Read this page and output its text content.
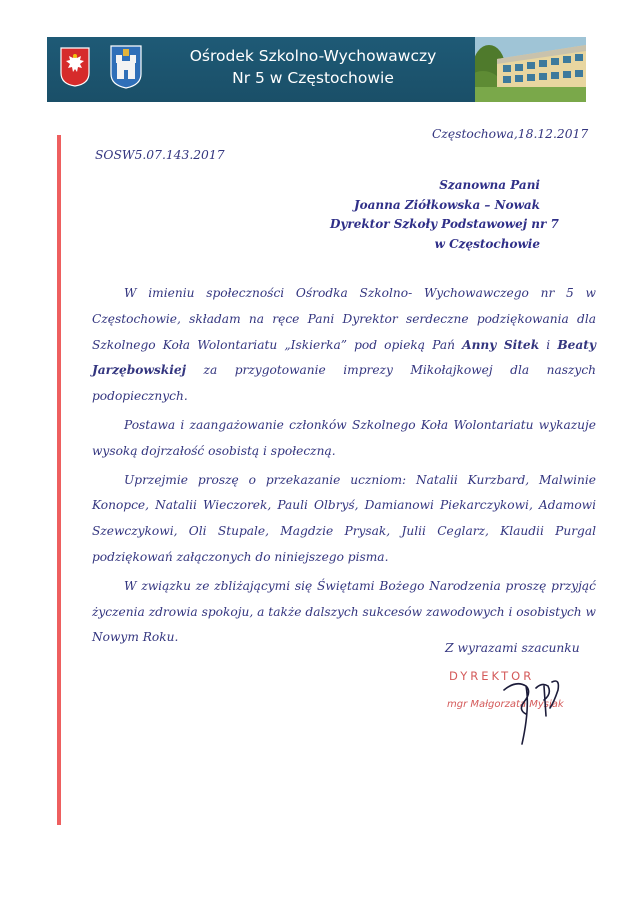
Ośrodek Szkolno-Wychowawczy
Nr 5 w Częstochowie

Częstochowa,18.12.2017

SOSW5.07.143.2017

Szanowna Pani
Joanna Ziółkowska – Nowak
Dyrektor Szkoły Podstawowej nr 7
w Częstochowie

W imieniu społeczności Ośrodka Szkolno- Wychowawczego nr 5 w Częstochowie, składam na ręce Pani Dyrektor serdeczne podziękowania dla Szkolnego Koła Wolontariatu „Iskierka” pod opieką Pań Anny Sitek i Beaty Jarzębowskiej za przygotowanie imprezy Mikołajkowej dla naszych podopiecznych.

Postawa i zaangażowanie członków Szkolnego Koła Wolontariatu wykazuje wysoką dojrzałość osobistą i społeczną.

Uprzejmie proszę o przekazanie uczniom: Natalii Kurzbard, Malwinie Konopce, Natalii Wieczorek, Pauli Olbryś, Damianowi Piekarczykowi, Adamowi Szewczykowi, Oli Stupale, Magdzie Prysak, Julii Ceglarz, Klaudii Purgal podziękowań załączonych do niniejszego pisma.

W związku ze zbliżającymi się Świętami Bożego Narodzenia proszę przyjąć życzenia zdrowia spokoju, a także dalszych sukcesów zawodowych i osobistych w Nowym Roku.

Z wyrazami szacunku

DYREKTOR
mgr Małgorzata Mysiak
